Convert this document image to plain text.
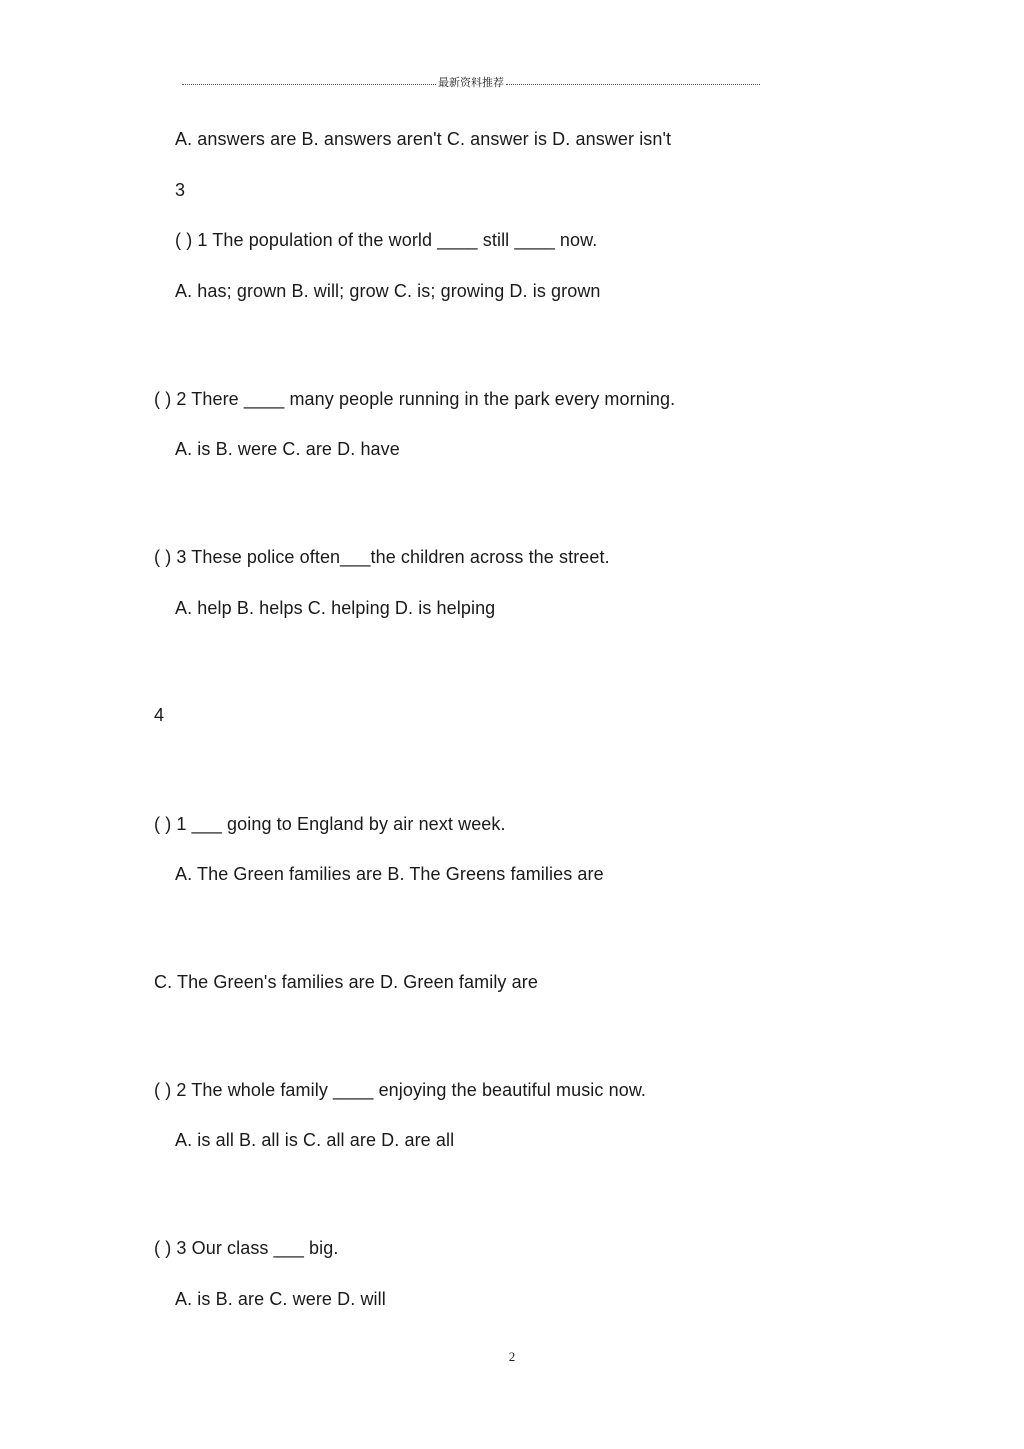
最新资料推荐
A. answers are B. answers aren't C. answer is D. answer isn't
3
( ) 1 The population of the world ____ still ____ now.
A. has; grown B. will; grow C. is; growing D. is grown
( ) 2 There ____ many people running in the park every morning.
A. is B. were C. are D. have
( ) 3 These police often___the children across the street.
A. help B. helps C. helping D. is helping
4
( ) 1 ___ going to England by air next week.
A. The Green families are B. The Greens families are
C. The Green's families are D. Green family are
( ) 2 The whole family ____ enjoying the beautiful music now.
A. is all B. all is C. all are D. are all
( ) 3 Our class ___ big.
A. is B. are C. were D. will
2
